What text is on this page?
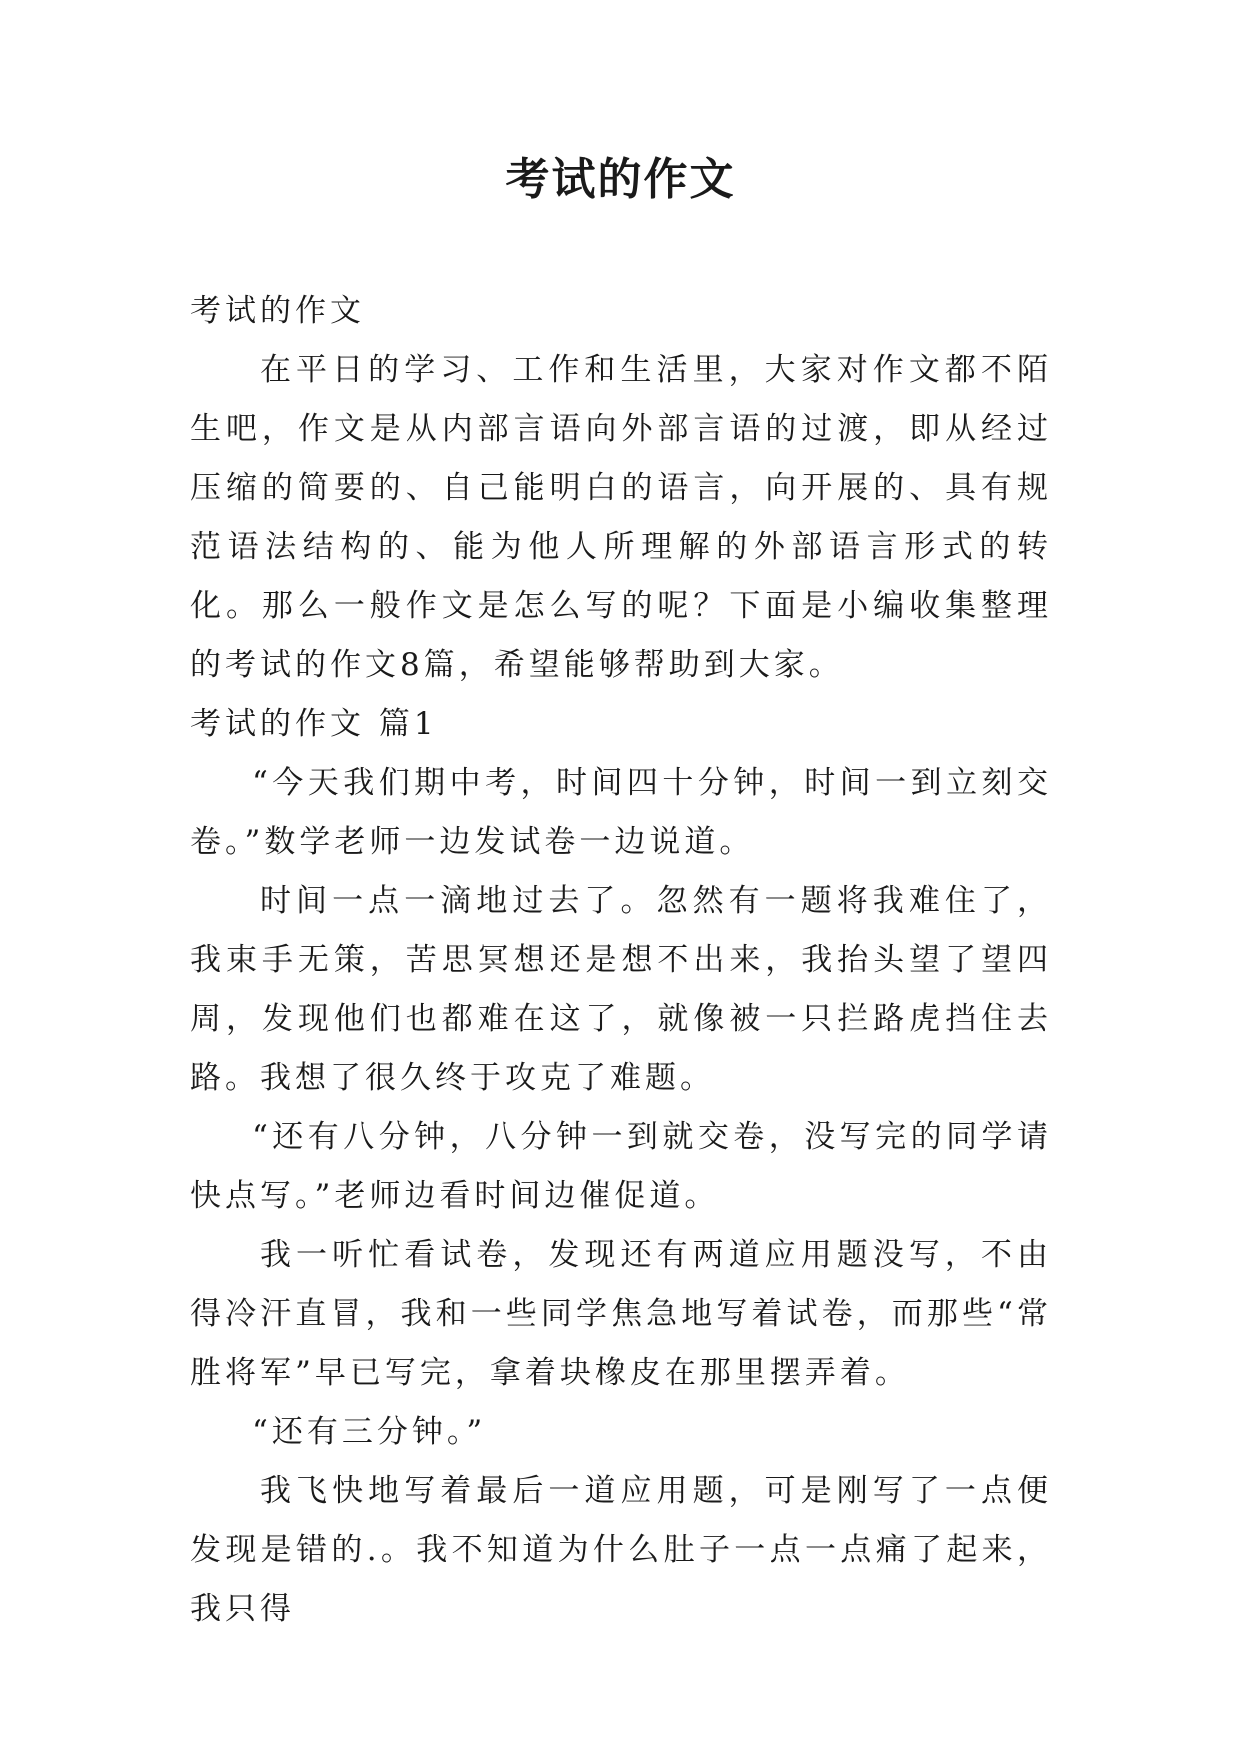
考试的作文

考试的作文

在平日的学习、工作和生活里，大家对作文都不陌生吧，作文是从内部言语向外部言语的过渡，即从经过压缩的简要的、自己能明白的语言，向开展的、具有规范语法结构的、能为他人所理解的外部语言形式的转化。那么一般作文是怎么写的呢？下面是小编收集整理的考试的作文8篇，希望能够帮助到大家。

考试的作文 篇1

“今天我们期中考，时间四十分钟，时间一到立刻交卷。”数学老师一边发试卷一边说道。

时间一点一滴地过去了。忽然有一题将我难住了，我束手无策，苦思冥想还是想不出来，我抬头望了望四周，发现他们也都难在这了，就像被一只拦路虎挡住去路。我想了很久终于攻克了难题。

“还有八分钟，八分钟一到就交卷，没写完的同学请快点写。”老师边看时间边催促道。

我一听忙看试卷，发现还有两道应用题没写，不由得冷汗直冒，我和一些同学焦急地写着试卷，而那些“常胜将军”早已写完，拿着块橡皮在那里摆弄着。

“还有三分钟。”

我飞快地写着最后一道应用题，可是刚写了一点便发现是错的.。我不知道为什么肚子一点一点痛了起来，我只得
